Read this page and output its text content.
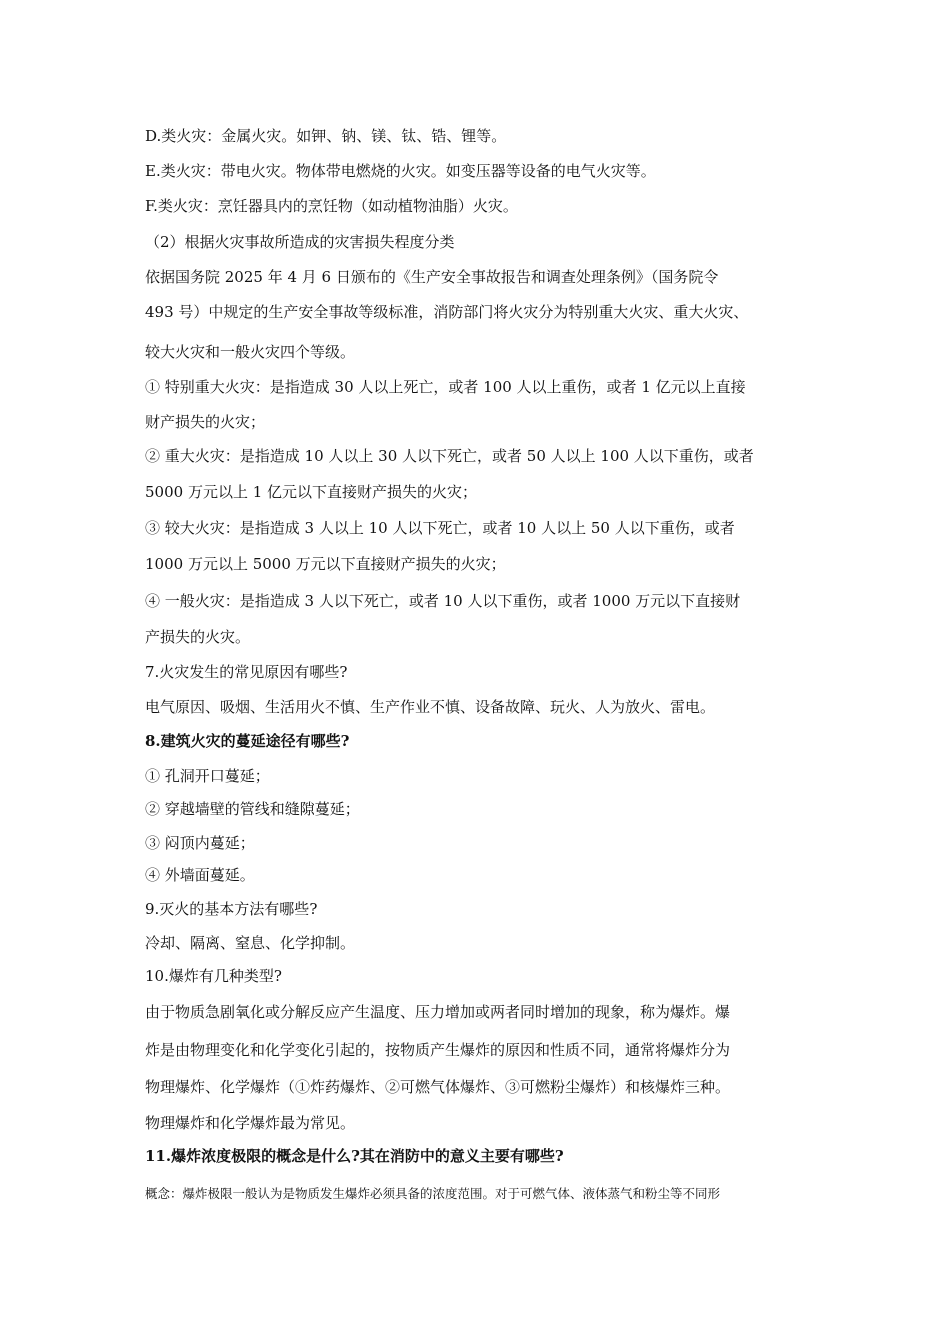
D.类火灾：金属火灾。如钾、钠、镁、钛、锆、锂等。
E.类火灾：带电火灾。物体带电燃烧的火灾。如变压器等设备的电气火灾等。
F.类火灾：烹饪器具内的烹饪物（如动植物油脂）火灾。
（2）根据火灾事故所造成的灾害损失程度分类
依据国务院 2025 年 4 月 6 日颁布的《生产安全事故报告和调查处理条例》（国务院令
493 号）中规定的生产安全事故等级标准，消防部门将火灾分为特别重大火灾、重大火灾、
较大火灾和一般火灾四个等级。
① 特别重大火灾：是指造成 30 人以上死亡，或者 100 人以上重伤，或者 1 亿元以上直接
财产损失的火灾；
② 重大火灾：是指造成 10 人以上 30 人以下死亡，或者 50 人以上 100 人以下重伤，或者
5000 万元以上 1 亿元以下直接财产损失的火灾；
③ 较大火灾：是指造成 3 人以上 10 人以下死亡，或者 10 人以上 50 人以下重伤，或者
1000 万元以上 5000 万元以下直接财产损失的火灾；
④ 一般火灾：是指造成 3 人以下死亡，或者 10 人以下重伤，或者 1000 万元以下直接财
产损失的火灾。
7.火灾发生的常见原因有哪些?
电气原因、吸烟、生活用火不慎、生产作业不慎、设备故障、玩火、人为放火、雷电。
8.建筑火灾的蔓延途径有哪些?
① 孔洞开口蔓延；
② 穿越墙壁的管线和缝隙蔓延；
③ 闷顶内蔓延；
④ 外墙面蔓延。
9.灭火的基本方法有哪些?
冷却、隔离、窒息、化学抑制。
10.爆炸有几种类型?
由于物质急剧氧化或分解反应产生温度、压力增加或两者同时增加的现象，称为爆炸。爆
炸是由物理变化和化学变化引起的，按物质产生爆炸的原因和性质不同，通常将爆炸分为
物理爆炸、化学爆炸（①炸药爆炸、②可燃气体爆炸、③可燃粉尘爆炸）和核爆炸三种。
物理爆炸和化学爆炸最为常见。
11.爆炸浓度极限的概念是什么?其在消防中的意义主要有哪些?
概念：爆炸极限一般认为是物质发生爆炸必须具备的浓度范围。对于可燃气体、液体蒸气和粉尘等不同形
